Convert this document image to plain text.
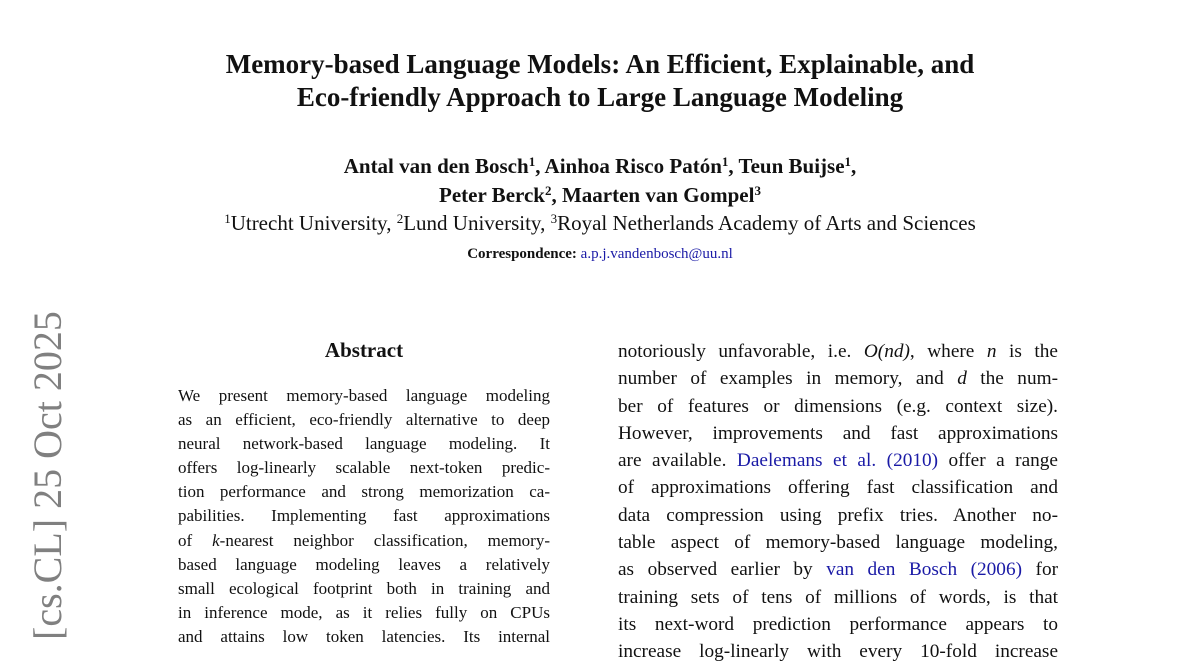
[cs.CL] 25 Oct 2025
Memory-based Language Models: An Efficient, Explainable, and
Eco-friendly Approach to Large Language Modeling
Antal van den Bosch$^1$, Ainhoa Risco Patón$^1$, Teun Buijse$^1$,
Peter Berck$^2$, Maarten van Gompel$^3$
$^1$Utrecht University, $^2$Lund University, $^3$Royal Netherlands Academy of Arts and Sciences
Correspondence: a.p.j.vandenbosch@uu.nl
Abstract
We present memory-based language modeling
as an efficient, eco-friendly alternative to deep
neural network-based language modeling. It
offers log-linearly scalable next-token predic-
tion performance and strong memorization ca-
pabilities. Implementing fast approximations
of k-nearest neighbor classification, memory-
based language modeling leaves a relatively
small ecological footprint both in training and
in inference mode, as it relies fully on CPUs
and attains low token latencies. Its internal
notoriously unfavorable, i.e. O(nd), where n is the
number of examples in memory, and d the num-
ber of features or dimensions (e.g. context size).
However, improvements and fast approximations
are available. Daelemans et al. (2010) offer a range
of approximations offering fast classification and
data compression using prefix tries. Another no-
table aspect of memory-based language modeling,
as observed earlier by van den Bosch (2006) for
training sets of tens of millions of words, is that
its next-word prediction performance appears to
increase log-linearly with every 10-fold increase
